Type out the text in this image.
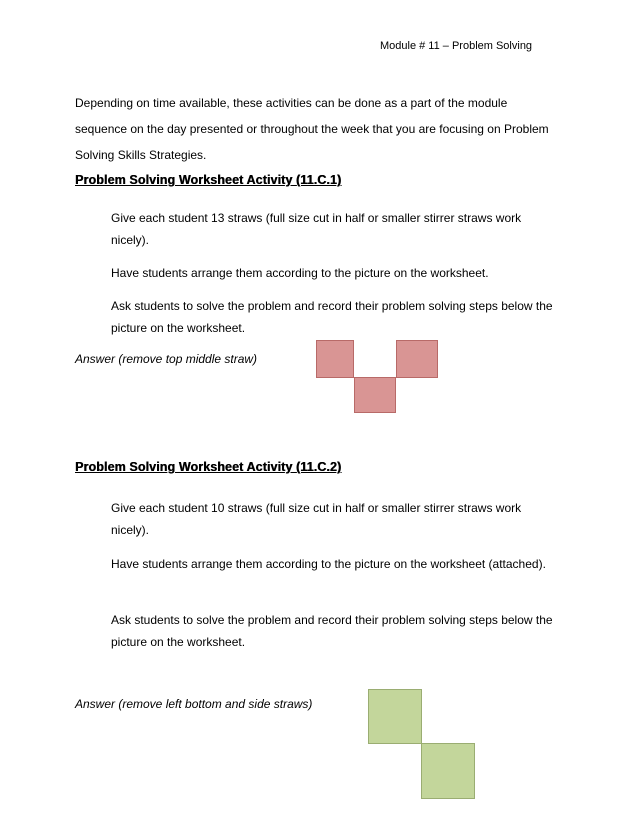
Module # 11 – Problem Solving
Depending on time available, these activities can be done as a part of the module sequence on the day presented or throughout the week that you are focusing on Problem Solving Skills Strategies.
Problem Solving Worksheet Activity (11.C.1)
Give each student 13 straws (full size cut in half or smaller stirrer straws work nicely).
Have students arrange them according to the picture on the worksheet.
Ask students to solve the problem and record their problem solving steps below the picture on the worksheet.
Answer (remove top middle straw)
Problem Solving Worksheet Activity (11.C.2)
Give each student 10 straws (full size cut in half or smaller stirrer straws work nicely).
Have students arrange them according to the picture on the worksheet (attached).
Ask students to solve the problem and record their problem solving steps below the picture on the worksheet.
Answer (remove left bottom and side straws)
